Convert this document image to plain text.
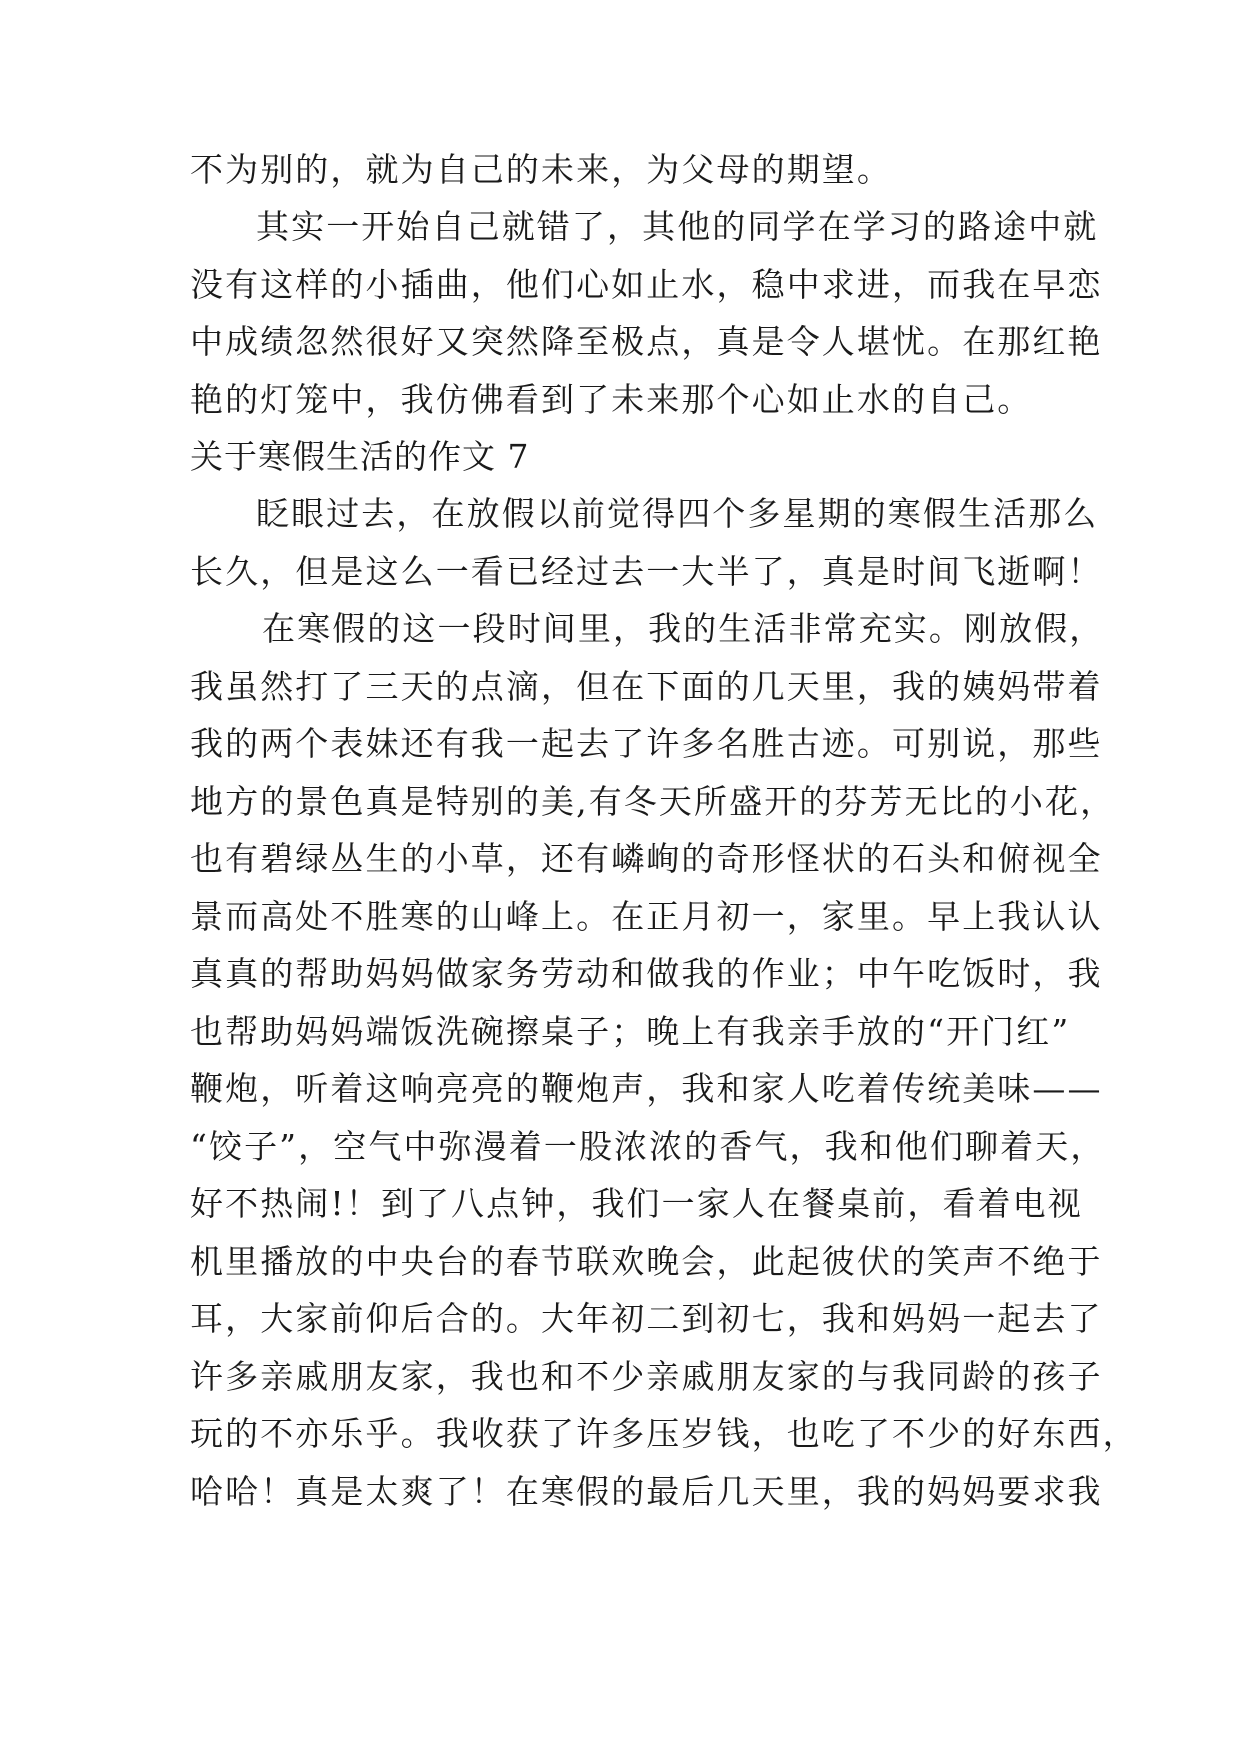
不为别的，就为自己的未来，为父母的期望。
其实一开始自己就错了，其他的同学在学习的路途中就
没有这样的小插曲，他们心如止水，稳中求进，而我在早恋
中成绩忽然很好又突然降至极点，真是令人堪忧。在那红艳
艳的灯笼中，我仿佛看到了未来那个心如止水的自己。
关于寒假生活的作文 7
眨眼过去，在放假以前觉得四个多星期的寒假生活那么
长久，但是这么一看已经过去一大半了，真是时间飞逝啊！
在寒假的这一段时间里，我的生活非常充实。刚放假，
我虽然打了三天的点滴，但在下面的几天里，我的姨妈带着
我的两个表妹还有我一起去了许多名胜古迹。可别说，那些
地方的景色真是特别的美,有冬天所盛开的芬芳无比的小花，
也有碧绿丛生的小草，还有嶙峋的奇形怪状的石头和俯视全
景而高处不胜寒的山峰上。在正月初一，家里。早上我认认
真真的帮助妈妈做家务劳动和做我的作业；中午吃饭时，我
也帮助妈妈端饭洗碗擦桌子；晚上有我亲手放的“开门红”
鞭炮，听着这响亮亮的鞭炮声，我和家人吃着传统美味——
“饺子”，空气中弥漫着一股浓浓的香气，我和他们聊着天，
好不热闹!！到了八点钟，我们一家人在餐桌前，看着电视
机里播放的中央台的春节联欢晚会，此起彼伏的笑声不绝于
耳，大家前仰后合的。大年初二到初七，我和妈妈一起去了
许多亲戚朋友家，我也和不少亲戚朋友家的与我同龄的孩子
玩的不亦乐乎。我收获了许多压岁钱，也吃了不少的好东西，
哈哈！真是太爽了！在寒假的最后几天里，我的妈妈要求我
